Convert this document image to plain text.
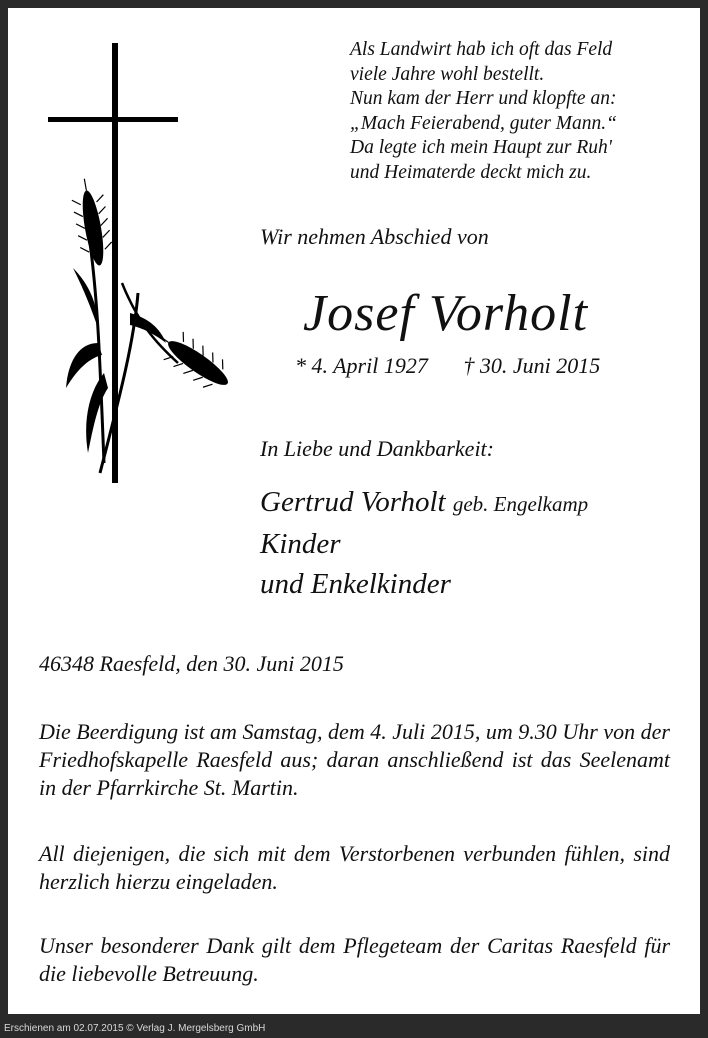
Als Landwirt hab ich oft das Feld
viele Jahre wohl bestellt.
Nun kam der Herr und klopfte an:
„Mach Feierabend, guter Mann.“
Da legte ich mein Haupt zur Ruh'
und Heimaterde deckt mich zu.

Wir nehmen Abschied von

Josef Vorholt

* 4. April 1927 † 30. Juni 2015

In Liebe und Dankbarkeit:

Gertrud Vorholt geb. Engelkamp
Kinder
und Enkelkinder

46348 Raesfeld, den 30. Juni 2015

Die Beerdigung ist am Samstag, dem 4. Juli 2015, um 9.30 Uhr von der Friedhofskapelle Raesfeld aus; daran anschließend ist das Seelenamt in der Pfarrkirche St. Martin.

All diejenigen, die sich mit dem Verstorbenen verbunden fühlen, sind herzlich hierzu eingeladen.

Unser besonderer Dank gilt dem Pflegeteam der Caritas Raesfeld für die liebevolle Betreuung.

Erschienen am 02.07.2015 © Verlag J. Mergelsberg GmbH
